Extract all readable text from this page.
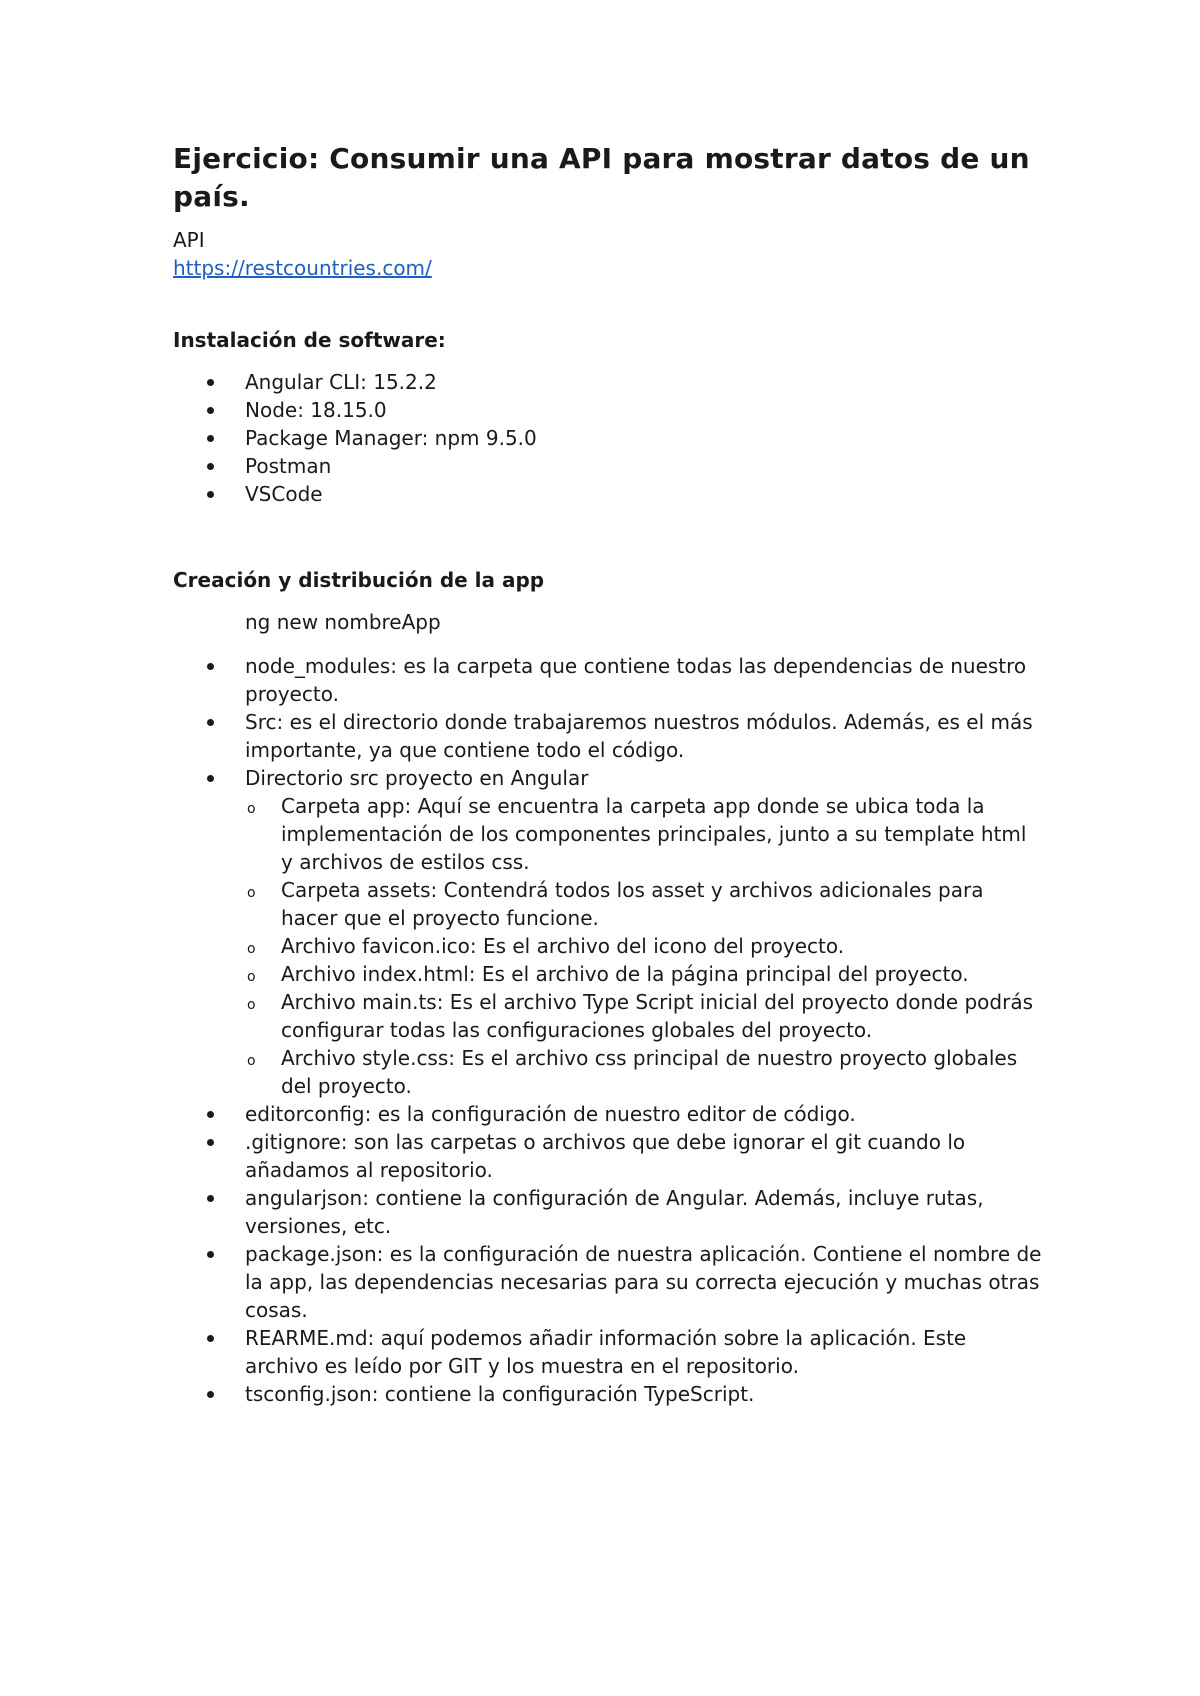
Ejercicio: Consumir una API para mostrar datos de un país.
API
https://restcountries.com/
Instalación de software:
Angular CLI: 15.2.2
Node: 18.15.0
Package Manager: npm 9.5.0
Postman
VSCode
Creación y distribución de la app
ng new nombreApp
node_modules: es la carpeta que contiene todas las dependencias de nuestro proyecto.
Src: es el directorio donde trabajaremos nuestros módulos. Además, es el más importante, ya que contiene todo el código.
Directorio src proyecto en Angular
o Carpeta app: Aquí se encuentra la carpeta app donde se ubica toda la implementación de los componentes principales, junto a su template html y archivos de estilos css.
o Carpeta assets: Contendrá todos los asset y archivos adicionales para hacer que el proyecto funcione.
o Archivo favicon.ico: Es el archivo del icono del proyecto.
o Archivo index.html: Es el archivo de la página principal del proyecto.
o Archivo main.ts: Es el archivo Type Script inicial del proyecto donde podrás configurar todas las configuraciones globales del proyecto.
o Archivo style.css: Es el archivo css principal de nuestro proyecto globales del proyecto.
editorconfig: es la configuración de nuestro editor de código.
.gitignore: son las carpetas o archivos que debe ignorar el git cuando lo añadamos al repositorio.
angularjson: contiene la configuración de Angular. Además, incluye rutas, versiones, etc.
package.json: es la configuración de nuestra aplicación. Contiene el nombre de la app, las dependencias necesarias para su correcta ejecución y muchas otras cosas.
REARME.md: aquí podemos añadir información sobre la aplicación. Este archivo es leído por GIT y los muestra en el repositorio.
tsconfig.json: contiene la configuración TypeScript.
